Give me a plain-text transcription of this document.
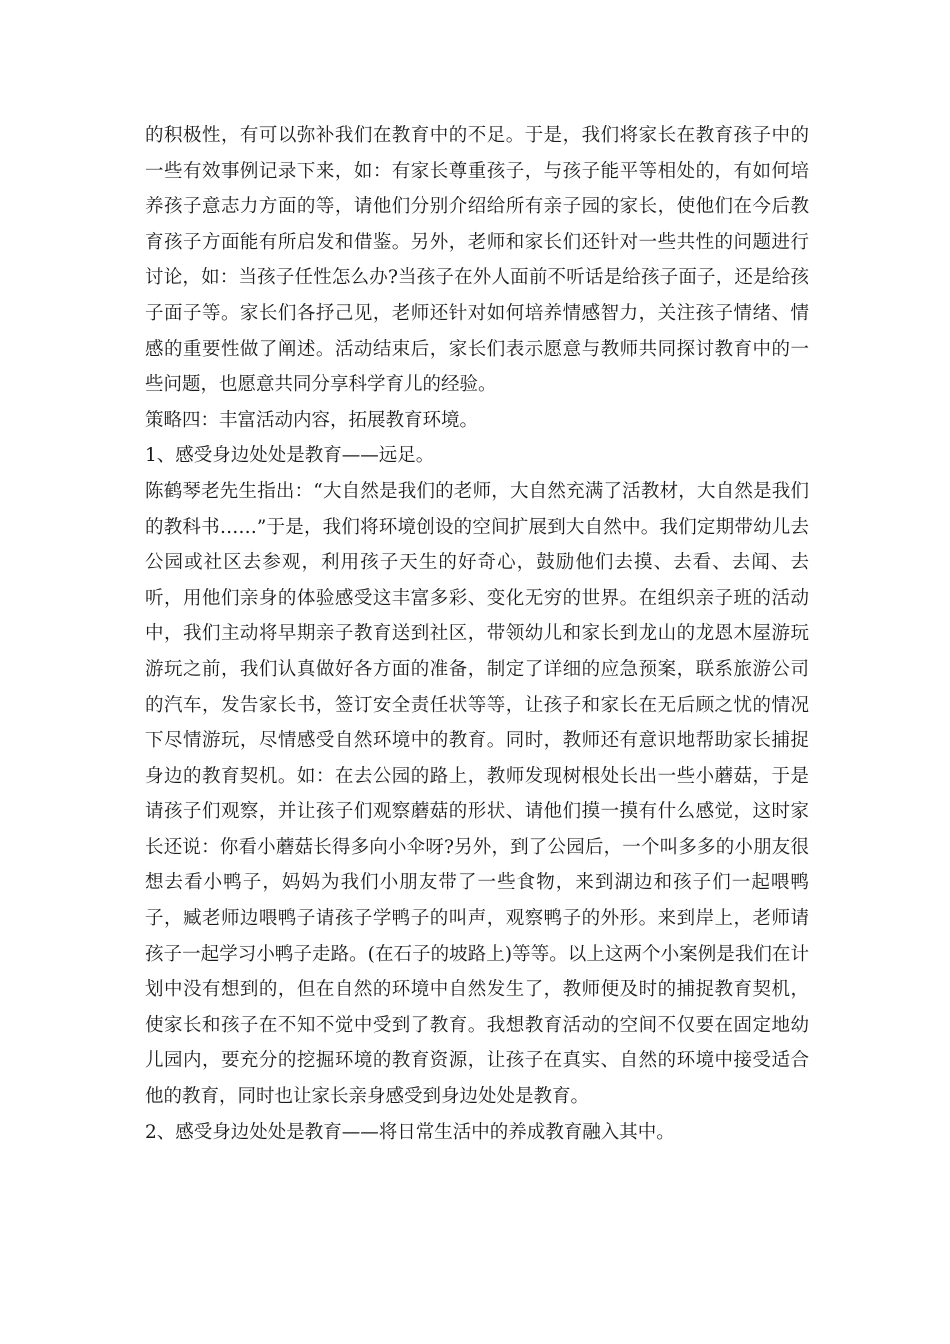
的积极性，有可以弥补我们在教育中的不足。于是，我们将家长在教育孩子中的一些有效事例记录下来，如：有家长尊重孩子，与孩子能平等相处的，有如何培养孩子意志力方面的等，请他们分别介绍给所有亲子园的家长，使他们在今后教育孩子方面能有所启发和借鉴。另外，老师和家长们还针对一些共性的问题进行讨论，如：当孩子任性怎么办?当孩子在外人面前不听话是给孩子面子，还是给孩子面子等。家长们各抒己见，老师还针对如何培养情感智力，关注孩子情绪、情感的重要性做了阐述。活动结束后，家长们表示愿意与教师共同探讨教育中的一些问题，也愿意共同分享科学育儿的经验。

策略四：丰富活动内容，拓展教育环境。

1、感受身边处处是教育——远足。

陈鹤琴老先生指出：“大自然是我们的老师，大自然充满了活教材，大自然是我们的教科书……”于是，我们将环境创设的空间扩展到大自然中。我们定期带幼儿去公园或社区去参观，利用孩子天生的好奇心，鼓励他们去摸、去看、去闻、去听，用他们亲身的体验感受这丰富多彩、变化无穷的世界。在组织亲子班的活动中，我们主动将早期亲子教育送到社区，带领幼儿和家长到龙山的龙恩木屋游玩游玩之前，我们认真做好各方面的准备，制定了详细的应急预案，联系旅游公司的汽车，发告家长书，签订安全责任状等等，让孩子和家长在无后顾之忧的情况下尽情游玩，尽情感受自然环境中的教育。同时，教师还有意识地帮助家长捕捉身边的教育契机。如：在去公园的路上，教师发现树根处长出一些小蘑菇，于是请孩子们观察，并让孩子们观察蘑菇的形状、请他们摸一摸有什么感觉，这时家长还说：你看小蘑菇长得多向小伞呀?另外，到了公园后，一个叫多多的小朋友很想去看小鸭子，妈妈为我们小朋友带了一些食物，来到湖边和孩子们一起喂鸭子，臧老师边喂鸭子请孩子学鸭子的叫声，观察鸭子的外形。来到岸上，老师请孩子一起学习小鸭子走路。(在石子的坡路上)等等。以上这两个小案例是我们在计划中没有想到的，但在自然的环境中自然发生了，教师便及时的捕捉教育契机，使家长和孩子在不知不觉中受到了教育。我想教育活动的空间不仅要在固定地幼儿园内，要充分的挖掘环境的教育资源，让孩子在真实、自然的环境中接受适合他的教育，同时也让家长亲身感受到身边处处是教育。

2、感受身边处处是教育——将日常生活中的养成教育融入其中。
